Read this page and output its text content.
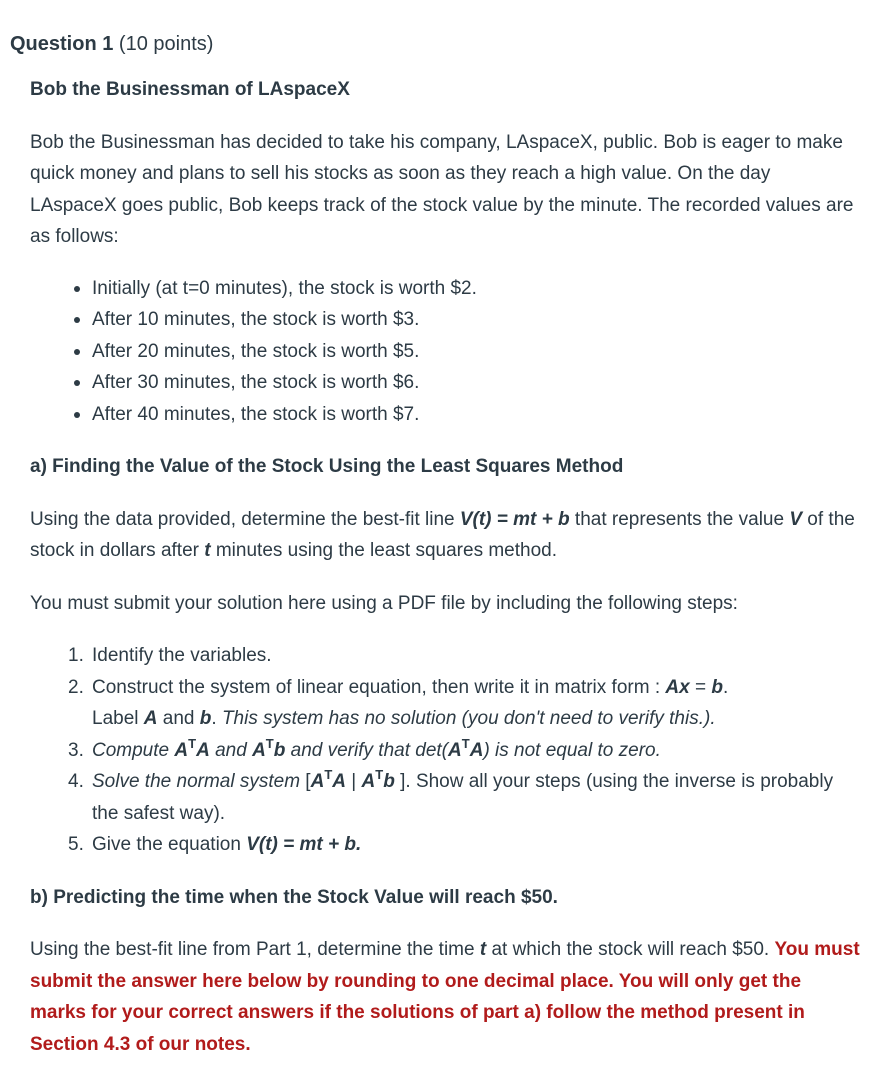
Question 1 (10 points)

Bob the Businessman of LAspaceX

Bob the Businessman has decided to take his company, LAspaceX, public. Bob is eager to make quick money and plans to sell his stocks as soon as they reach a high value. On the day LAspaceX goes public, Bob keeps track of the stock value by the minute. The recorded values are as follows:

Initially (at t=0 minutes), the stock is worth $2.
After 10 minutes, the stock is worth $3.
After 20 minutes, the stock is worth $5.
After 30 minutes, the stock is worth $6.
After 40 minutes, the stock is worth $7.

a) Finding the Value of the Stock Using the Least Squares Method

Using the data provided, determine the best-fit line V(t) = mt + b that represents the value V of the stock in dollars after t minutes using the least squares method.

You must submit your solution here using a PDF file by including the following steps:

1. Identify the variables.
2. Construct the system of linear equation, then write it in matrix form : Ax = b.
Label A and b. This system has no solution (you don't need to verify this.).
3. Compute $A^TA$ and $A^Tb$ and verify that $\det(A^TA)$ is not equal to zero.
4. Solve the normal system [$A^TA$ | $A^Tb$ ]. Show all your steps (using the inverse is probably the safest way).
5. Give the equation V(t) = mt + b.

b) Predicting the time when the Stock Value will reach $50.

Using the best-fit line from Part 1, determine the time t at which the stock will reach $50. You must submit the answer here below by rounding to one decimal place. You will only get the marks for your correct answers if the solutions of part a) follow the method present in Section 4.3 of our notes.
